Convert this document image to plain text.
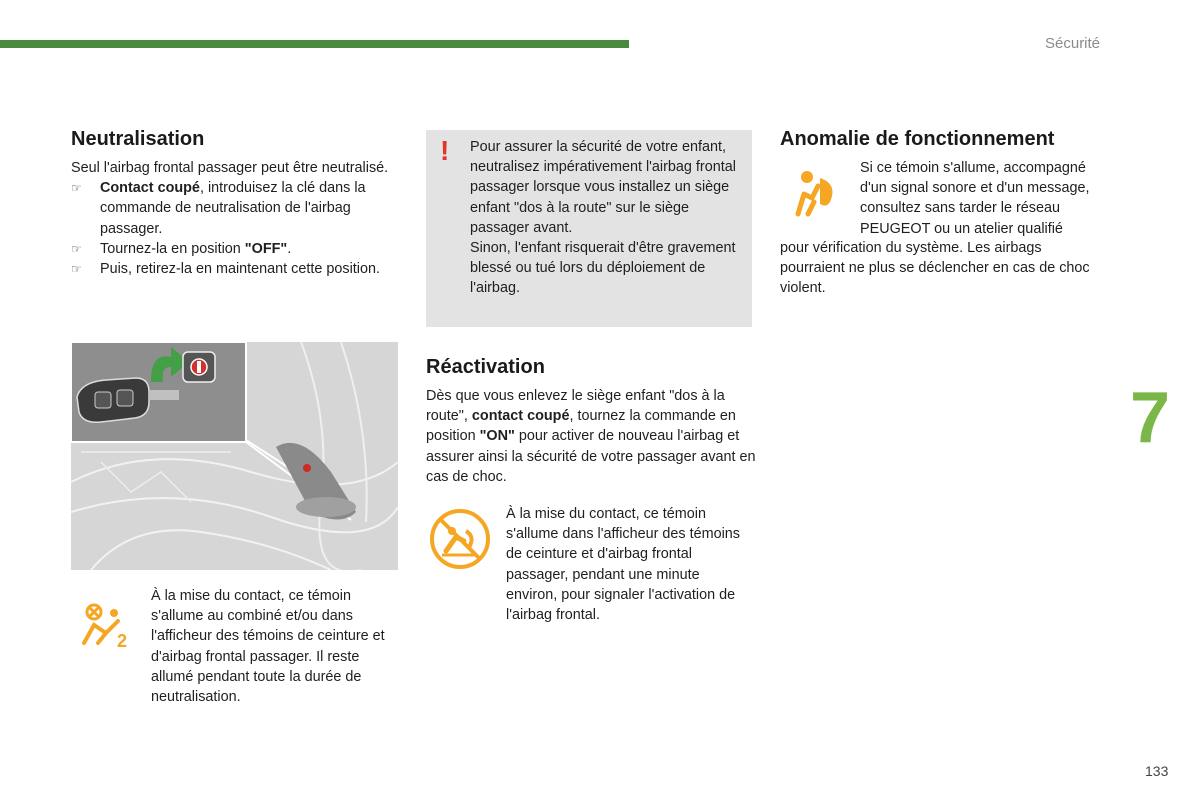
Sécurité
7
133
Neutralisation

Seul l'airbag frontal passager peut être neutralisé.

☞ Contact coupé, introduisez la clé dans la commande de neutralisation de l'airbag passager.
☞ Tournez-la en position "OFF".
☞ Puis, retirez-la en maintenant cette position.
2
À la mise du contact, ce témoin s'allume au combiné et/ou dans l'afficheur des témoins de ceinture et d'airbag frontal passager. Il reste allumé pendant toute la durée de neutralisation.
! Pour assurer la sécurité de votre enfant, neutralisez impérativement l'airbag frontal passager lorsque vous installez un siège enfant "dos à la route" sur le siège passager avant.

Sinon, l'enfant risquerait d'être gravement blessé ou tué lors du déploiement de l'airbag.

Réactivation
Dès que vous enlevez le siège enfant "dos à la route", contact coupé, tournez la commande en position "ON" pour activer de nouveau l'airbag et assurer ainsi la sécurité de votre passager avant en cas de choc.
À la mise du contact, ce témoin s'allume dans l'afficheur des témoins de ceinture et d'airbag frontal passager, pendant une minute environ, pour signaler l'activation de l'airbag frontal.
Anomalie de fonctionnement
Si ce témoin s'allume, accompagné d'un signal sonore et d'un message, consultez sans tarder le réseau PEUGEOT ou un atelier qualifié
pour vérification du système. Les airbags pourraient ne plus se déclencher en cas de choc violent.
